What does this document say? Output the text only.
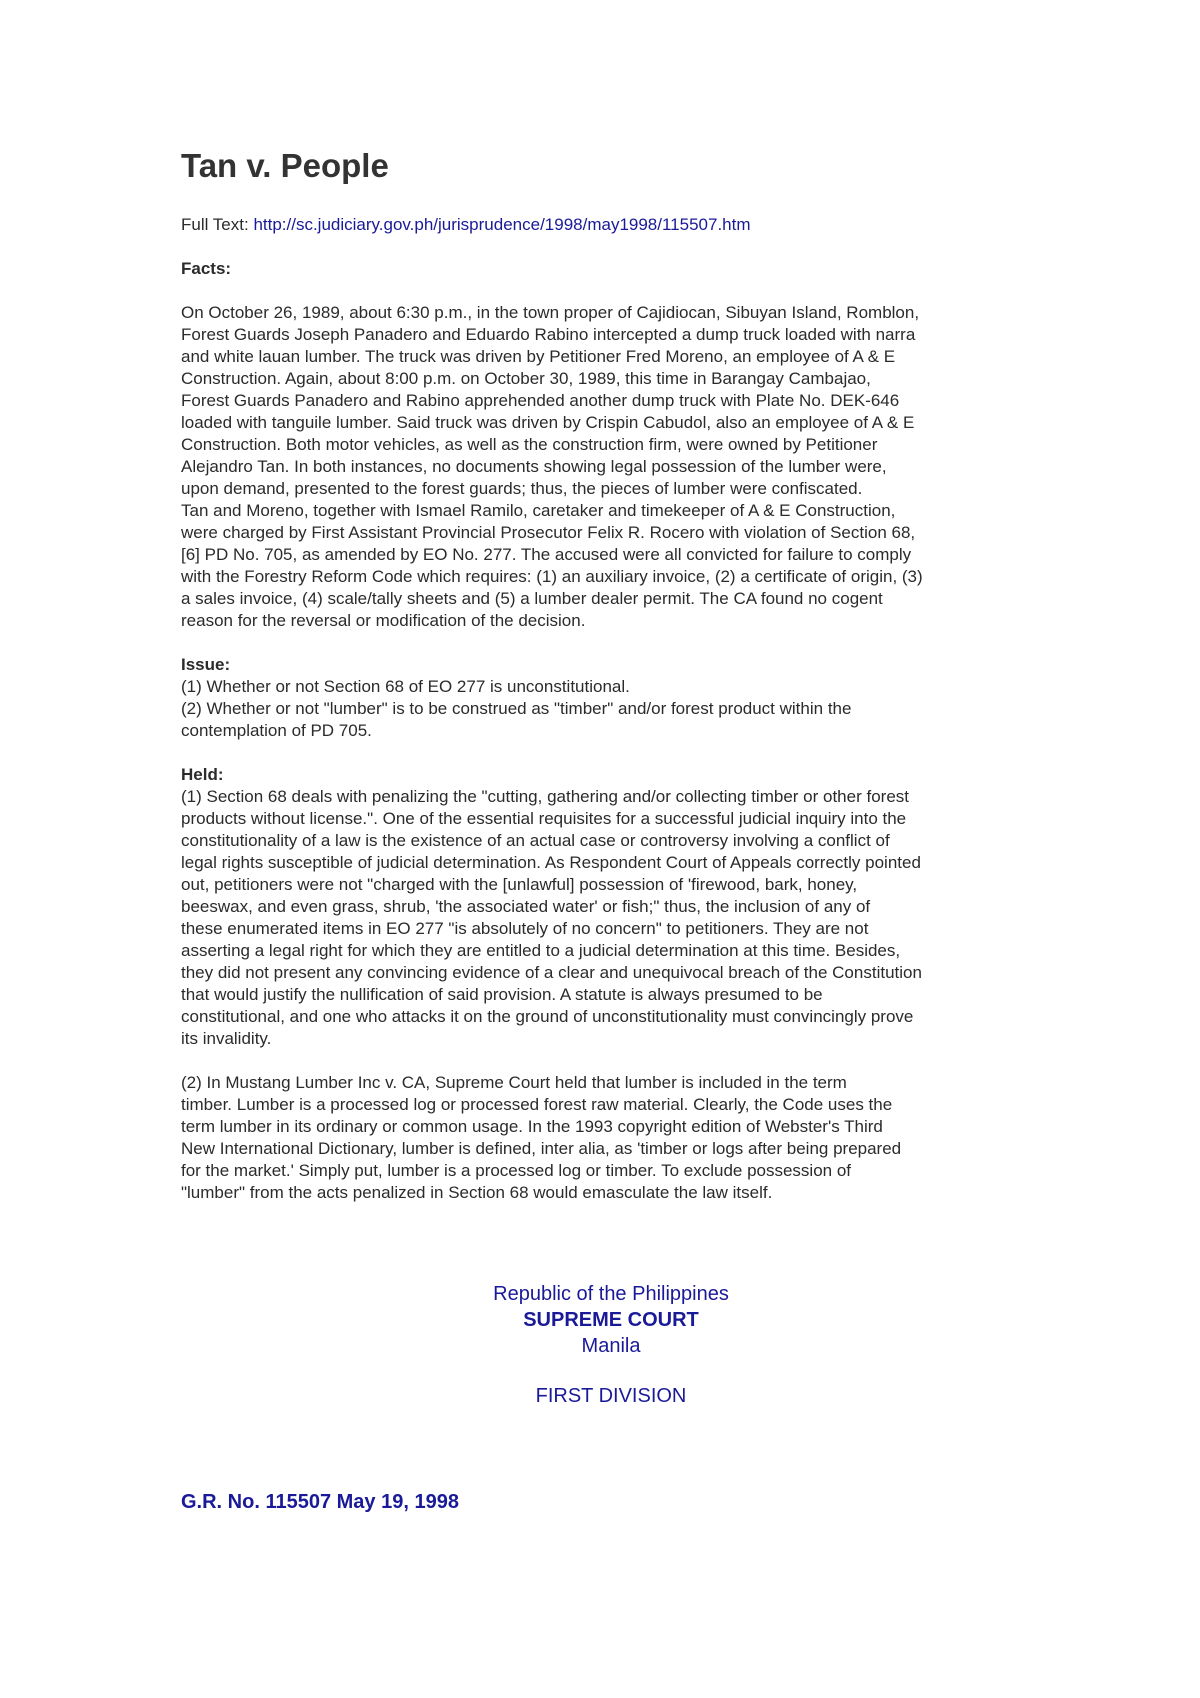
Tan v. People

Full Text: http://sc.judiciary.gov.ph/jurisprudence/1998/may1998/115507.htm

Facts:

On October 26, 1989, about 6:30 p.m., in the town proper of Cajidiocan, Sibuyan Island, Romblon,
Forest Guards Joseph Panadero and Eduardo Rabino intercepted a dump truck loaded with narra
and white lauan lumber. The truck was driven by Petitioner Fred Moreno, an employee of A & E
Construction. Again, about 8:00 p.m. on October 30, 1989, this time in Barangay Cambajao,
Forest Guards Panadero and Rabino apprehended another dump truck with Plate No. DEK-646
loaded with tanguile lumber. Said truck was driven by Crispin Cabudol, also an employee of A & E
Construction. Both motor vehicles, as well as the construction firm, were owned by Petitioner
Alejandro Tan. In both instances, no documents showing legal possession of the lumber were,
upon demand, presented to the forest guards; thus, the pieces of lumber were confiscated.
Tan and Moreno, together with Ismael Ramilo, caretaker and timekeeper of A & E Construction,
were charged by First Assistant Provincial Prosecutor Felix R. Rocero with violation of Section 68,
[6] PD No. 705, as amended by EO No. 277. The accused were all convicted for failure to comply
with the Forestry Reform Code which requires: (1) an auxiliary invoice, (2) a certificate of origin, (3)
a sales invoice, (4) scale/tally sheets and (5) a lumber dealer permit. The CA found no cogent
reason for the reversal or modification of the decision.

Issue:

(1) Whether or not Section 68 of EO 277 is unconstitutional.
(2) Whether or not "lumber" is to be construed as "timber" and/or forest product within the
contemplation of PD 705.

Held:

(1) Section 68 deals with penalizing the "cutting, gathering and/or collecting timber or other forest
products without license.". One of the essential requisites for a successful judicial inquiry into the
constitutionality of a law is the existence of an actual case or controversy involving a conflict of
legal rights susceptible of judicial determination. As Respondent Court of Appeals correctly pointed
out, petitioners were not "charged with the [unlawful] possession of 'firewood, bark, honey,
beeswax, and even grass, shrub, 'the associated water' or fish;" thus, the inclusion of any of
these enumerated items in EO 277 "is absolutely of no concern" to petitioners. They are not
asserting a legal right for which they are entitled to a judicial determination at this time. Besides,
they did not present any convincing evidence of a clear and unequivocal breach of the Constitution
that would justify the nullification of said provision. A statute is always presumed to be
constitutional, and one who attacks it on the ground of unconstitutionality must convincingly prove
its invalidity.
(2) In Mustang Lumber Inc v. CA, Supreme Court held that lumber is included in the term
timber. Lumber is a processed log or processed forest raw material. Clearly, the Code uses the
term lumber in its ordinary or common usage. In the 1993 copyright edition of Webster's Third
New International Dictionary, lumber is defined, inter alia, as 'timber or logs after being prepared
for the market.' Simply put, lumber is a processed log or timber. To exclude possession of
"lumber" from the acts penalized in Section 68 would emasculate the law itself.
Republic of the Philippines
SUPREME COURT
Manila
FIRST DIVISION
G.R. No. 115507 May 19, 1998
